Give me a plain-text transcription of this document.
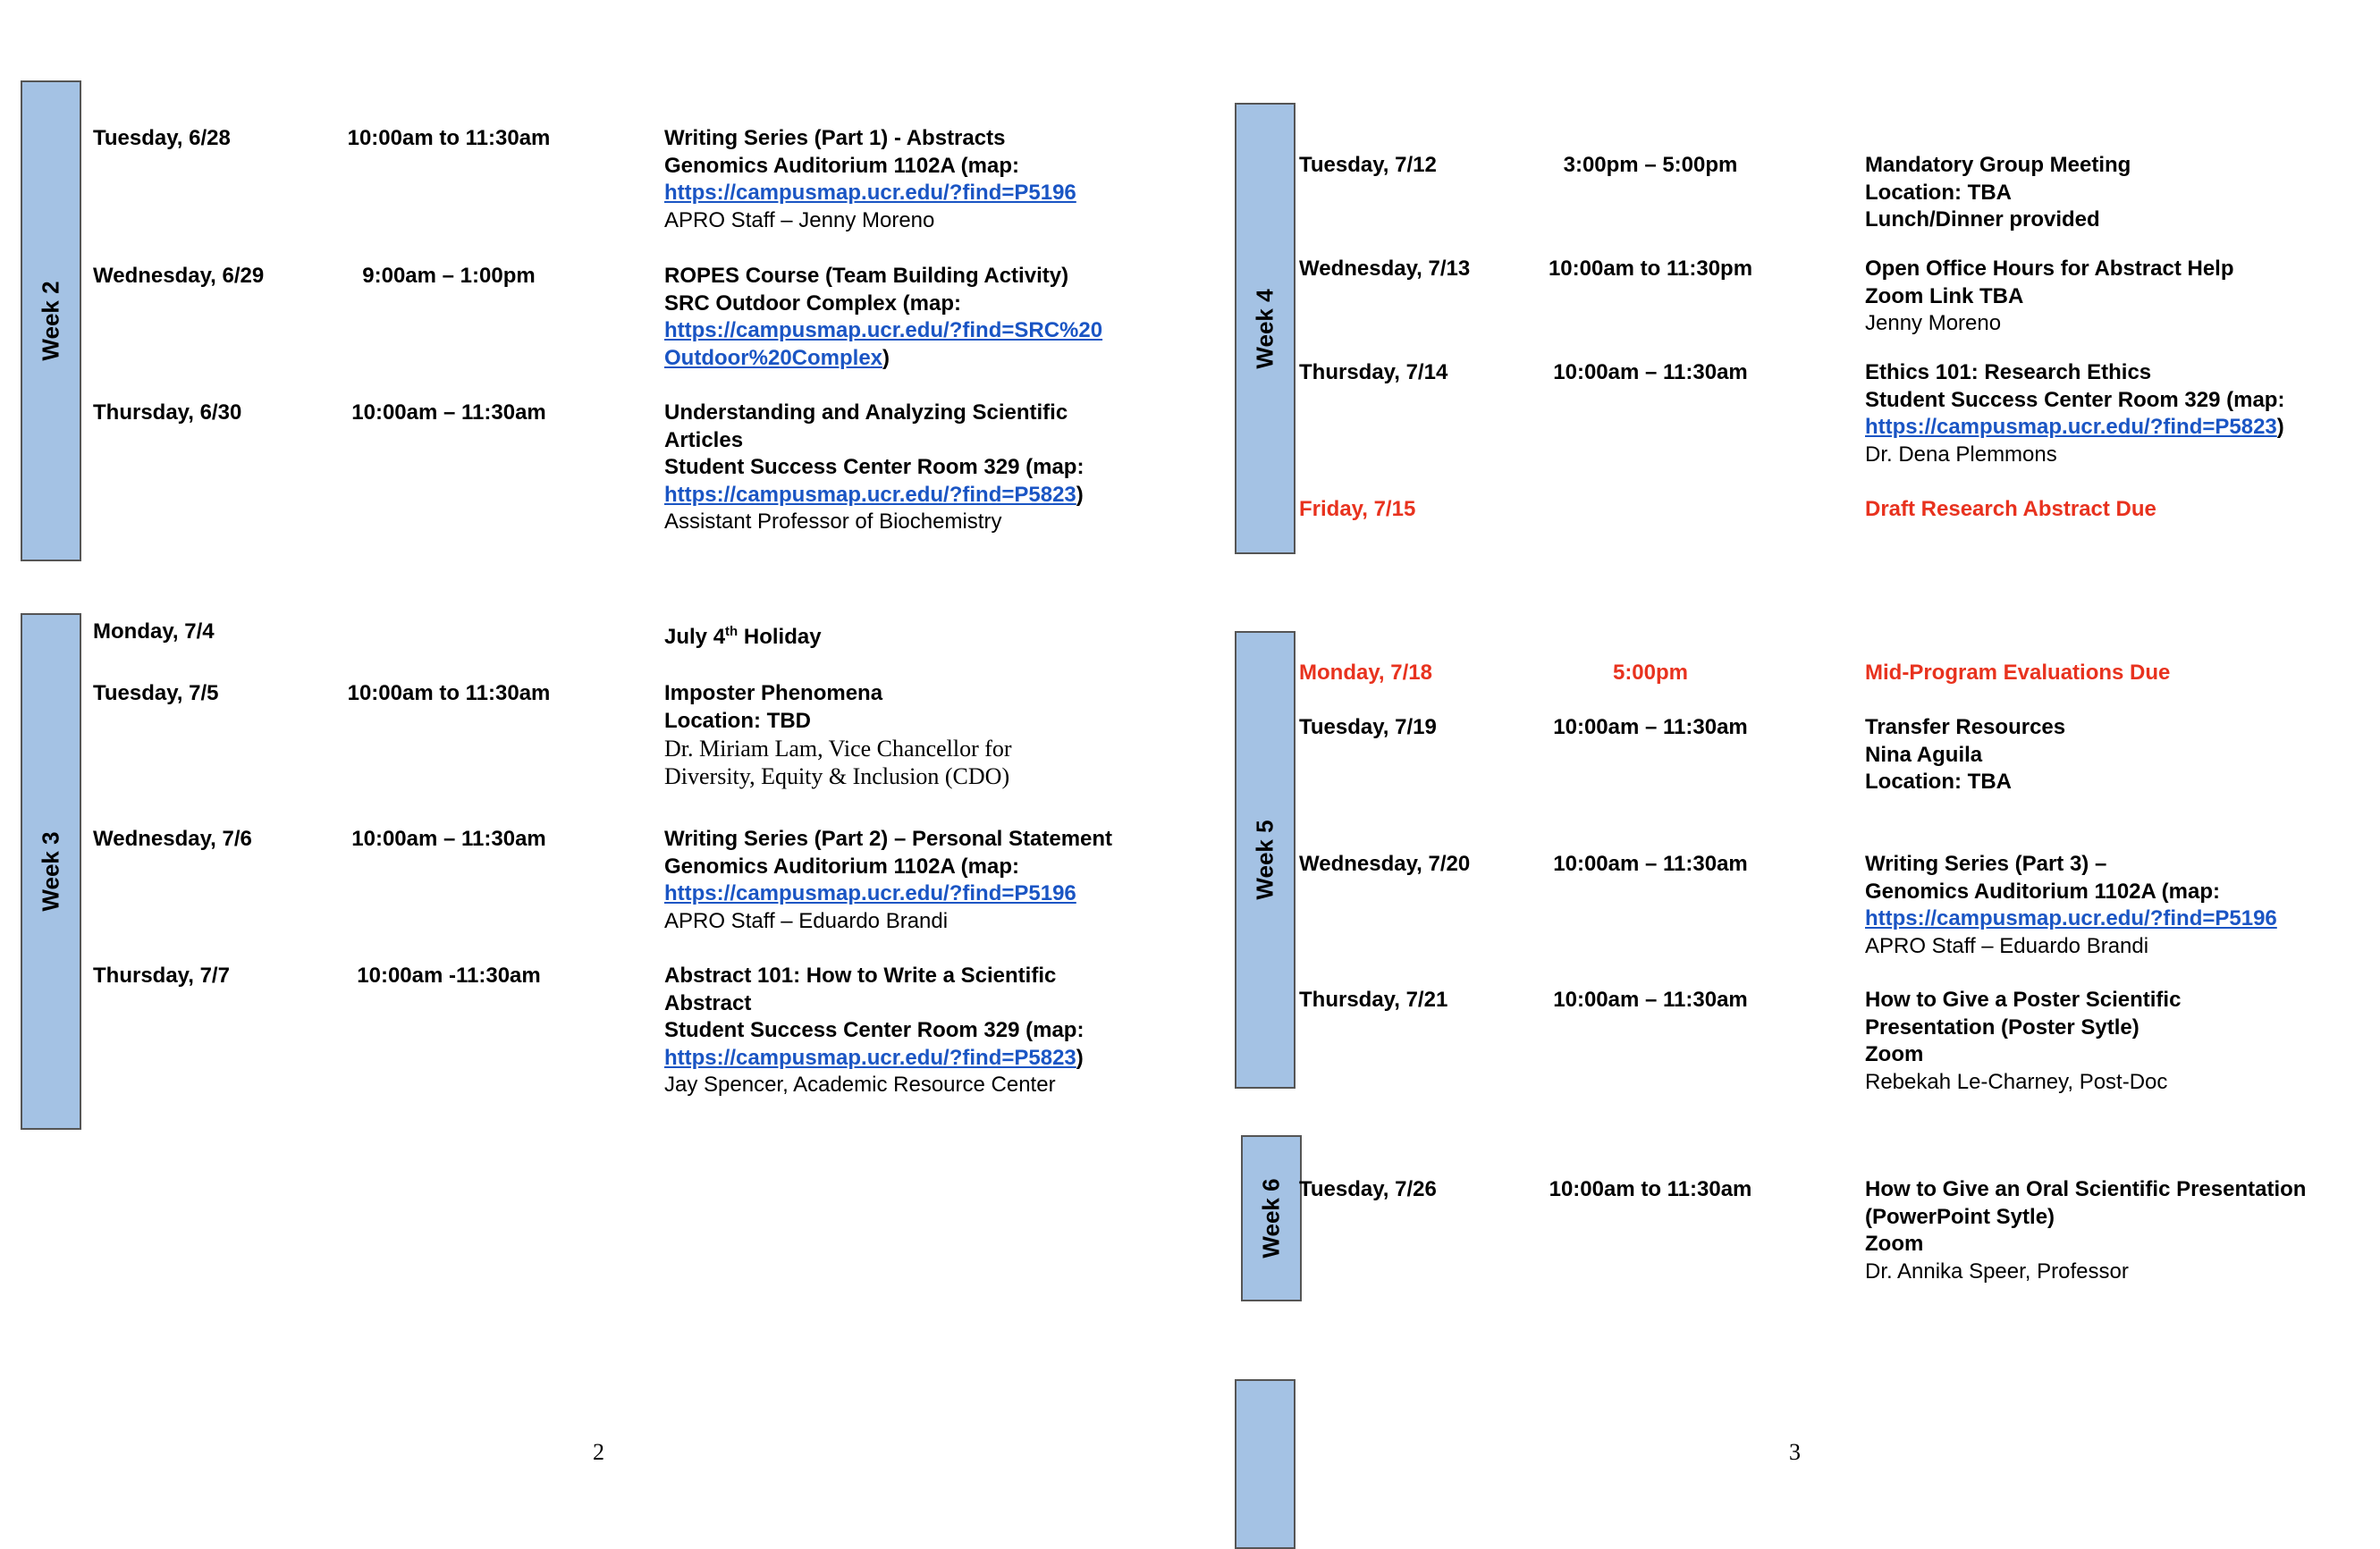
Week 2
Tuesday, 6/28	10:00am to 11:30am	Writing Series (Part 1) - Abstracts
Genomics Auditorium 1102A (map:
https://campusmap.ucr.edu/?find=P5196
APRO Staff – Jenny Moreno
Wednesday, 6/29	9:00am – 1:00pm	ROPES Course (Team Building Activity)
SRC Outdoor Complex (map:
https://campusmap.ucr.edu/?find=SRC%20
Outdoor%20Complex)
Thursday, 6/30	10:00am – 11:30am	Understanding and Analyzing Scientific
Articles
Student Success Center Room 329 (map:
https://campusmap.ucr.edu/?find=P5823)
Assistant Professor of Biochemistry
Week 3
Monday, 7/4	July 4th Holiday
Tuesday, 7/5	10:00am to 11:30am	Imposter Phenomena
Location: TBD
Dr. Miriam Lam, Vice Chancellor for
Diversity, Equity & Inclusion (CDO)
Wednesday, 7/6	10:00am – 11:30am	Writing Series (Part 2) – Personal Statement
Genomics Auditorium 1102A (map:
https://campusmap.ucr.edu/?find=P5196
APRO Staff – Eduardo Brandi
Thursday, 7/7	10:00am -11:30am	Abstract 101: How to Write a Scientific
Abstract
Student Success Center Room 329 (map:
https://campusmap.ucr.edu/?find=P5823)
Jay Spencer, Academic Resource Center
2
Week 4
Tuesday, 7/12	3:00pm – 5:00pm	Mandatory Group Meeting
Location: TBA
Lunch/Dinner provided
Wednesday, 7/13	10:00am to 11:30pm	Open Office Hours for Abstract Help
Zoom Link TBA
Jenny Moreno
Thursday, 7/14	10:00am – 11:30am	Ethics 101: Research Ethics
Student Success Center Room 329 (map:
https://campusmap.ucr.edu/?find=P5823)
Dr. Dena Plemmons
Friday, 7/15	Draft Research Abstract Due
Week 5
Monday, 7/18	5:00pm	Mid-Program Evaluations Due
Tuesday, 7/19	10:00am – 11:30am	Transfer Resources
Nina Aguila
Location: TBA
Wednesday, 7/20	10:00am – 11:30am	Writing Series (Part 3) –
Genomics Auditorium 1102A (map:
https://campusmap.ucr.edu/?find=P5196
APRO Staff – Eduardo Brandi
Thursday, 7/21	10:00am – 11:30am	How to Give a Poster Scientific
Presentation (Poster Sytle)
Zoom
Rebekah Le-Charney, Post-Doc
Week 6 Tuesday, 7/26	10:00am to 11:30am	How to Give an Oral Scientific Presentation
(PowerPoint Sytle)
Zoom
Dr. Annika Speer, Professor
3
